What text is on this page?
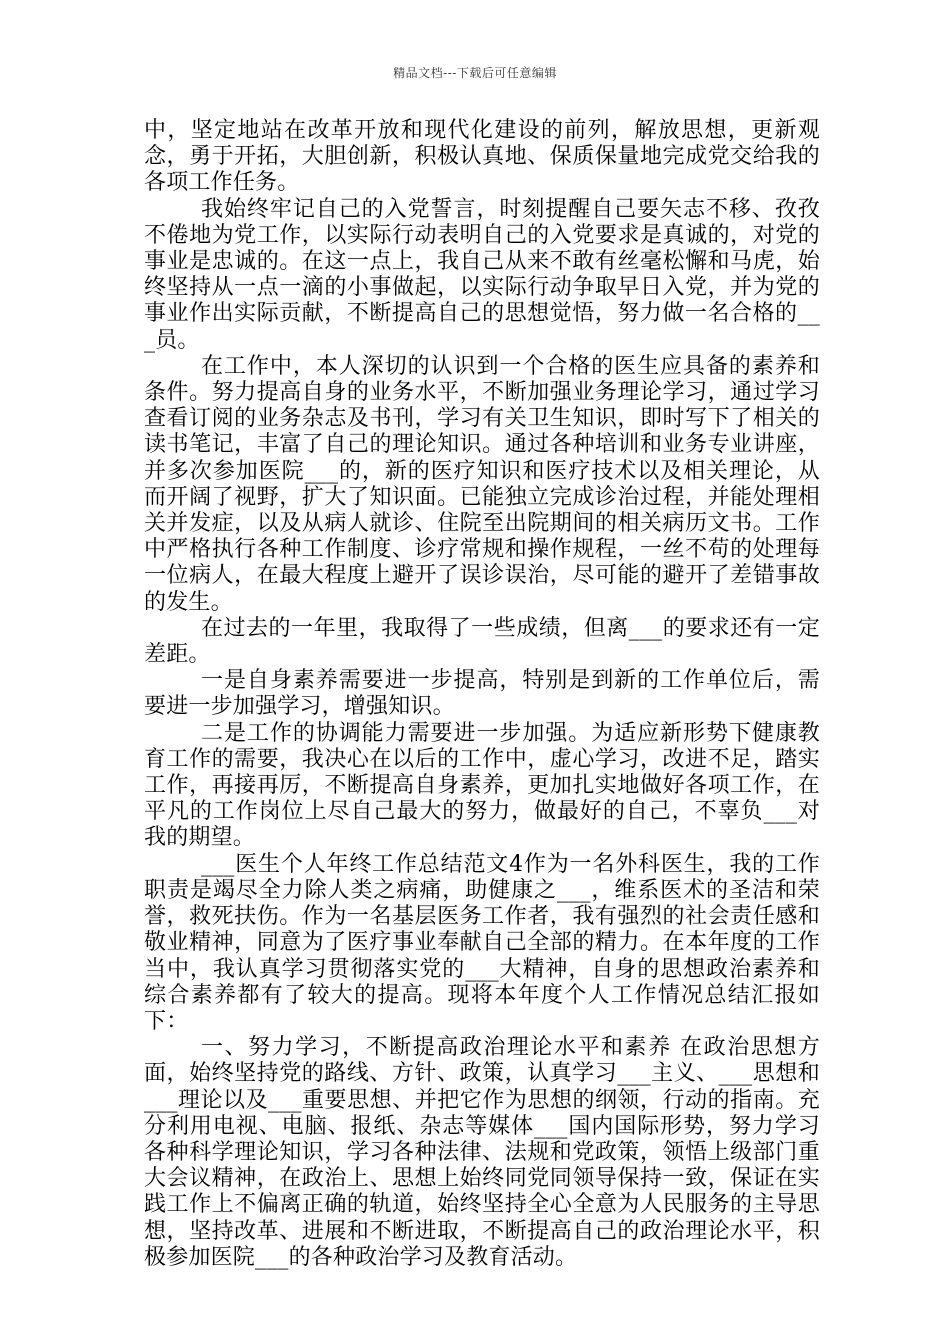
精品文档---下载后可任意编辑

中，坚定地站在改革开放和现代化建设的前列，解放思想，更新观念，勇于开拓，大胆创新，积极认真地、保质保量地完成党交给我的各项工作任务。

我始终牢记自己的入党誓言，时刻提醒自己要矢志不移、孜孜不倦地为党工作，以实际行动表明自己的入党要求是真诚的，对党的事业是忠诚的。在这一点上，我自己从来不敢有丝毫松懈和马虎，始终坚持从一点一滴的小事做起，以实际行动争取早日入党，并为党的事业作出实际贡献，不断提高自己的思想觉悟，努力做一名合格的___员。

在工作中，本人深切的认识到一个合格的医生应具备的素养和条件。努力提高自身的业务水平，不断加强业务理论学习，通过学习查看订阅的业务杂志及书刊，学习有关卫生知识，即时写下了相关的读书笔记，丰富了自己的理论知识。通过各种培训和业务专业讲座，并多次参加医院___的，新的医疗知识和医疗技术以及相关理论，从而开阔了视野，扩大了知识面。已能独立完成诊治过程，并能处理相关并发症，以及从病人就诊、住院至出院期间的相关病历文书。工作中严格执行各种工作制度、诊疗常规和操作规程，一丝不苟的处理每一位病人，在最大程度上避开了误诊误治，尽可能的避开了差错事故的发生。

在过去的一年里，我取得了一些成绩，但离___的要求还有一定差距。

一是自身素养需要进一步提高，特别是到新的工作单位后，需要进一步加强学习，增强知识。

二是工作的协调能力需要进一步加强。为适应新形势下健康教育工作的需要，我决心在以后的工作中，虚心学习，改进不足，踏实工作，再接再厉，不断提高自身素养，更加扎实地做好各项工作，在平凡的工作岗位上尽自己最大的努力，做最好的自己，不辜负___对我的期望。

___医生个人年终工作总结范文4作为一名外科医生，我的工作职责是竭尽全力除人类之病痛，助健康之___，维系医术的圣洁和荣誉，救死扶伤。作为一名基层医务工作者，我有强烈的社会责任感和敬业精神，同意为了医疗事业奉献自己全部的精力。在本年度的工作当中，我认真学习贯彻落实党的___大精神，自身的思想政治素养和综合素养都有了较大的提高。现将本年度个人工作情况总结汇报如下：

一、努力学习，不断提高政治理论水平和素养 在政治思想方面，始终坚持党的路线、方针、政策，认真学习___主义、___思想和___理论以及___重要思想、并把它作为思想的纲领，行动的指南。充分利用电视、电脑、报纸、杂志等媒体___国内国际形势，努力学习各种科学理论知识，学习各种法律、法规和党政策，领悟上级部门重大会议精神，在政治上、思想上始终同党同领导保持一致，保证在实践工作上不偏离正确的轨道，始终坚持全心全意为人民服务的主导思想，坚持改革、进展和不断进取，不断提高自己的政治理论水平，积极参加医院___的各种政治学习及教育活动。
